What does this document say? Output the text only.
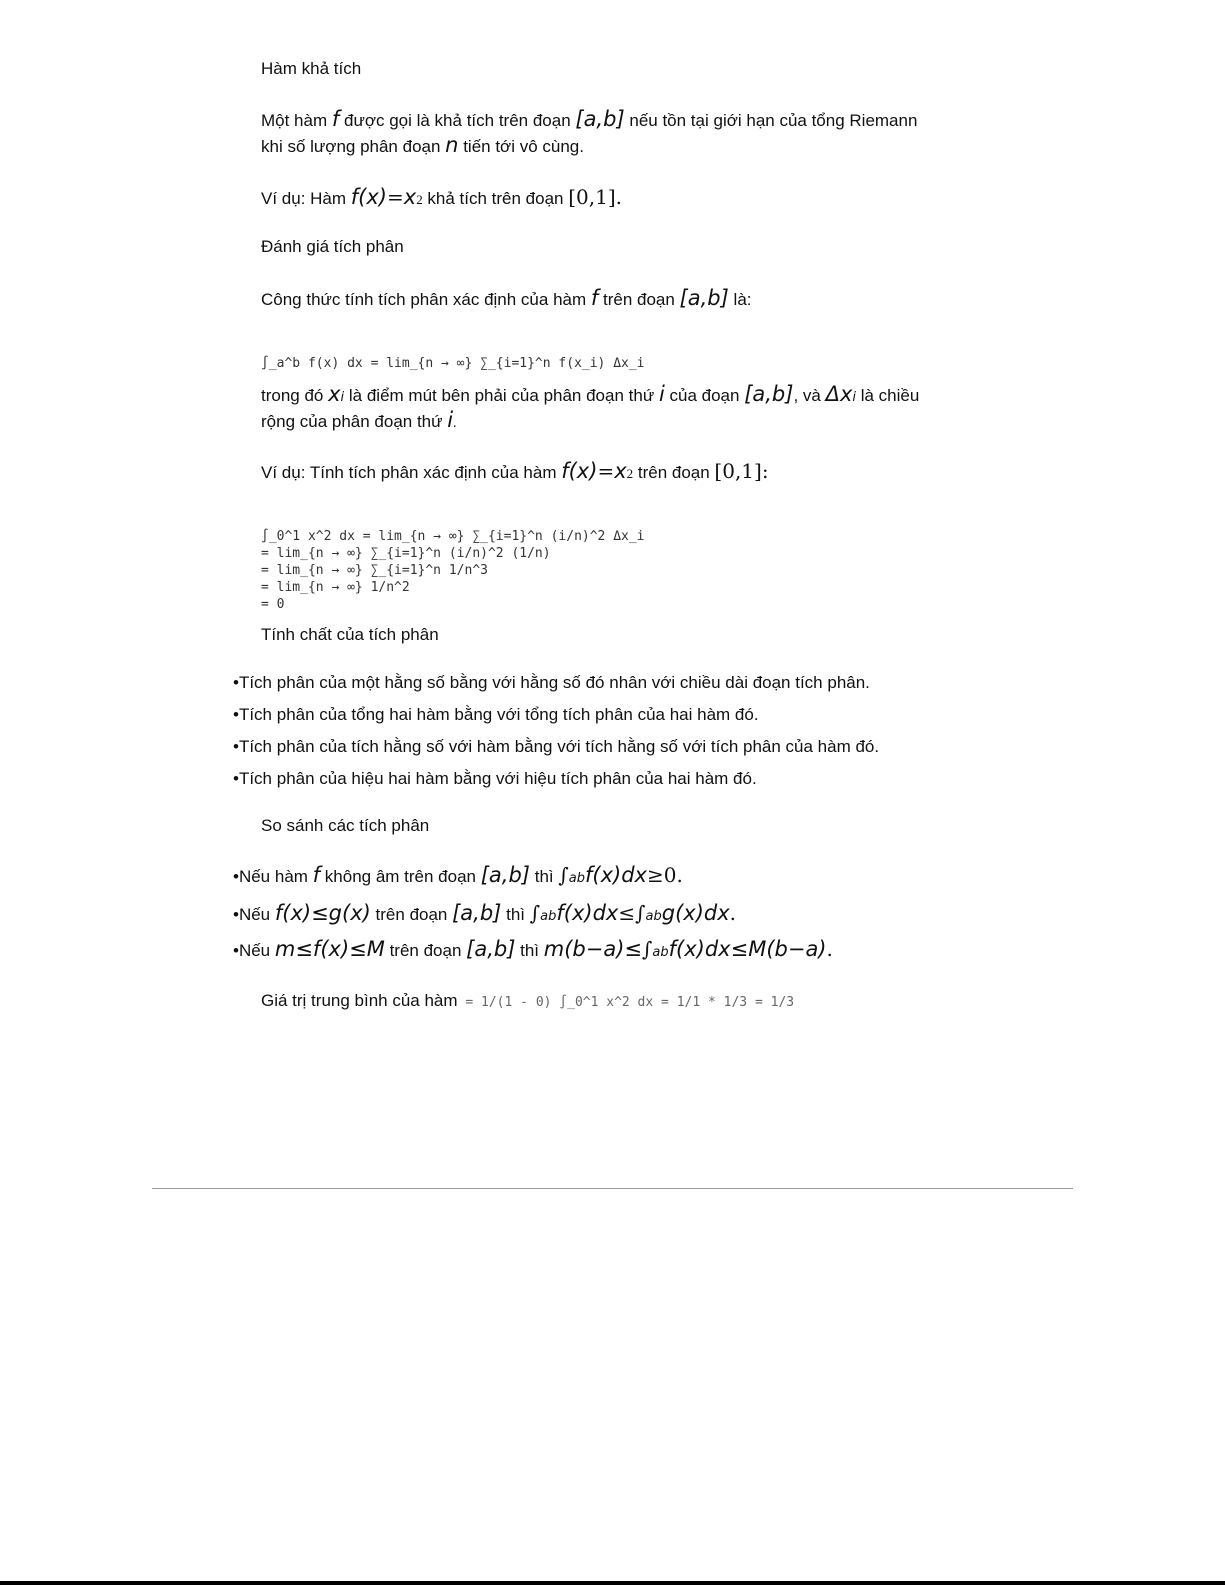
Hàm khả tích
Một hàm f được gọi là khả tích trên đoạn [a,b] nếu tồn tại giới hạn của tổng Riemann
khi số lượng phân đoạn n tiến tới vô cùng.
Ví dụ: Hàm f(x)=x2 khả tích trên đoạn [0,1].
Đánh giá tích phân
Công thức tính tích phân xác định của hàm f trên đoạn [a,b] là:
∫_a^b f(x) dx = lim_{n → ∞} ∑_{i=1}^n f(x_i) Δx_i
trong đó xi là điểm mút bên phải của phân đoạn thứ i của đoạn [a,b], và Δxi là chiều
rộng của phân đoạn thứ i.
Ví dụ: Tính tích phân xác định của hàm f(x)=x2 trên đoạn [0,1]:
∫_0^1 x^2 dx = lim_{n → ∞} ∑_{i=1}^n (i/n)^2 Δx_i
= lim_{n → ∞} ∑_{i=1}^n (i/n)^2 (1/n)
= lim_{n → ∞} ∑_{i=1}^n 1/n^3
= lim_{n → ∞} 1/n^2
= 0
Tính chất của tích phân
•Tích phân của một hằng số bằng với hằng số đó nhân với chiều dài đoạn tích phân.
•Tích phân của tổng hai hàm bằng với tổng tích phân của hai hàm đó.
•Tích phân của tích hằng số với hàm bằng với tích hằng số với tích phân của hàm đó.
•Tích phân của hiệu hai hàm bằng với hiệu tích phân của hai hàm đó.
So sánh các tích phân
•Nếu hàm f không âm trên đoạn [a,b] thì ∫abf(x)dx≥0.
•Nếu f(x)≤g(x) trên đoạn [a,b] thì ∫abf(x)dx≤∫abg(x)dx.
•Nếu m≤f(x)≤M trên đoạn [a,b] thì m(b−a)≤∫abf(x)dx≤M(b−a).
Giá trị trung bình của hàm = 1/(1 - 0) ∫_0^1 x^2 dx = 1/1 * 1/3 = 1/3
